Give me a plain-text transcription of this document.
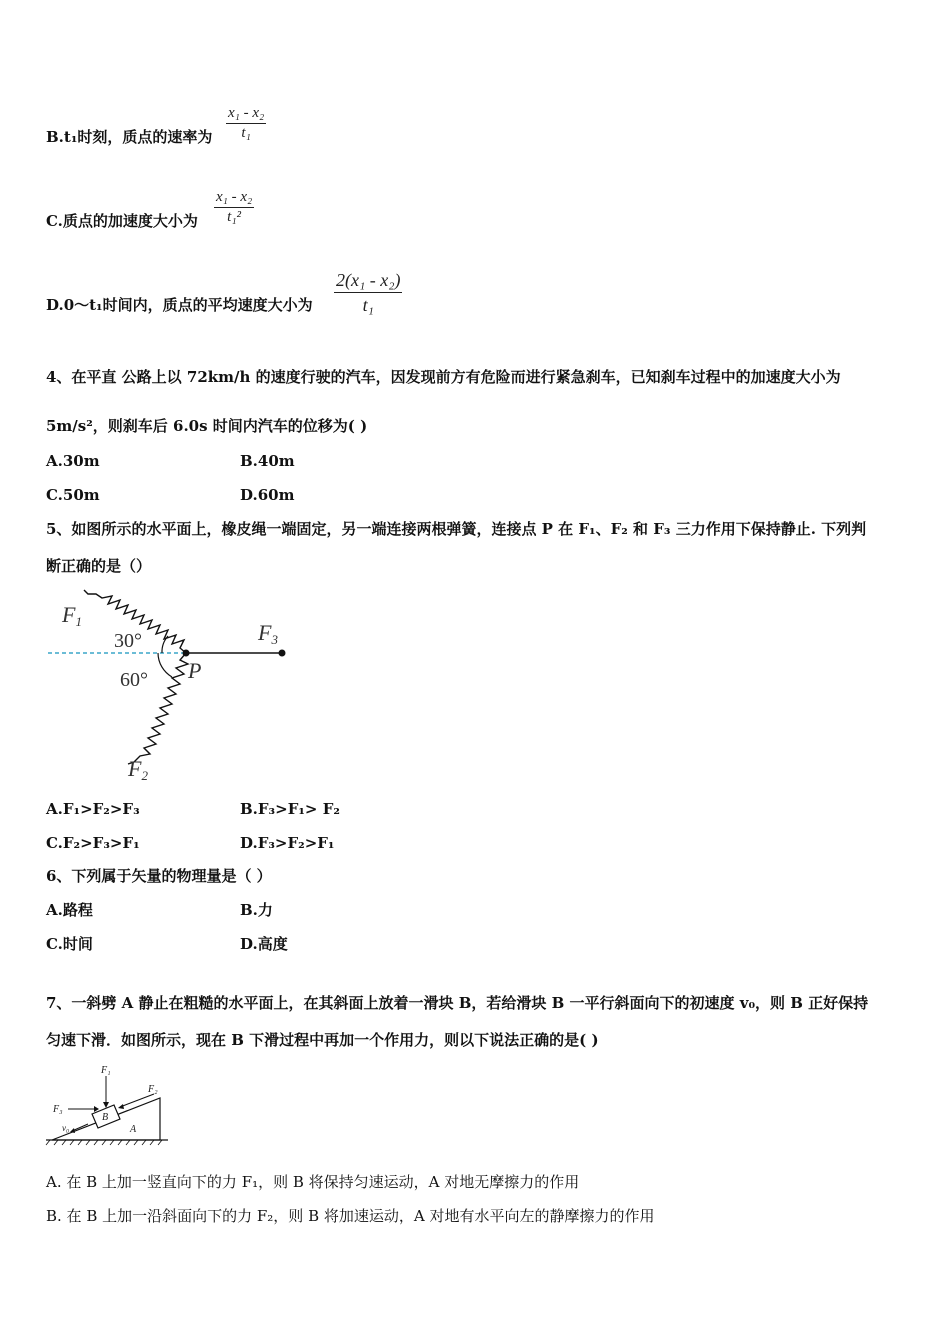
B.t₁时刻，质点的速率为 $\frac{\text{x₁ - x₂}}{\text{t₁}}$
C.质点的加速度大小为 $\frac{\text{x₁ - x₂}}{\text{t₁²}}$
D.0～t₁时间内，质点的平均速度大小为 $\frac{\text{2(x₁ - x₂)}}{\text{t₁}}$
4、在平直 公路上以 72km/h 的速度行驶的汽车，因发现前方有危险而进行紧急刹车，已知刹车过程中的加速度大小为
5m/s²，则刹车后 6.0s 时间内汽车的位移为( )
A.30m	B.40m
C.50m	D.60m
5、如图所示的水平面上，橡皮绳一端固定，另一端连接两根弹簧，连接点 P 在 F₁、F₂ 和 F₃ 三力作用下保持静止. 下列判
断正确的是（）
F1	F3
F2
30°
60° P
A.F₁>F₂>F₃	B.F₃>F₁> F₂
C.F₂>F₃>F₁	D.F₃>F₂>F₁
6、下列属于矢量的物理量是（ ）
A.路程	B.力
C.时间	D.高度
7、一斜劈 A 静止在粗糙的水平面上，在其斜面上放着一滑块 B，若给滑块 B 一平行斜面向下的初速度 v₀，则 B 正好保持
匀速下滑．如图所示，现在 B 下滑过程中再加一个作用力，则以下说法正确的是( )
F₁
F₂
F₃
B
A
v₀
A. 在 B 上加一竖直向下的力 F₁，则 B 将保持匀速运动，A 对地无摩擦力的作用
B. 在 B 上加一沿斜面向下的力 F₂，则 B 将加速运动，A 对地有水平向左的静摩擦力的作用
